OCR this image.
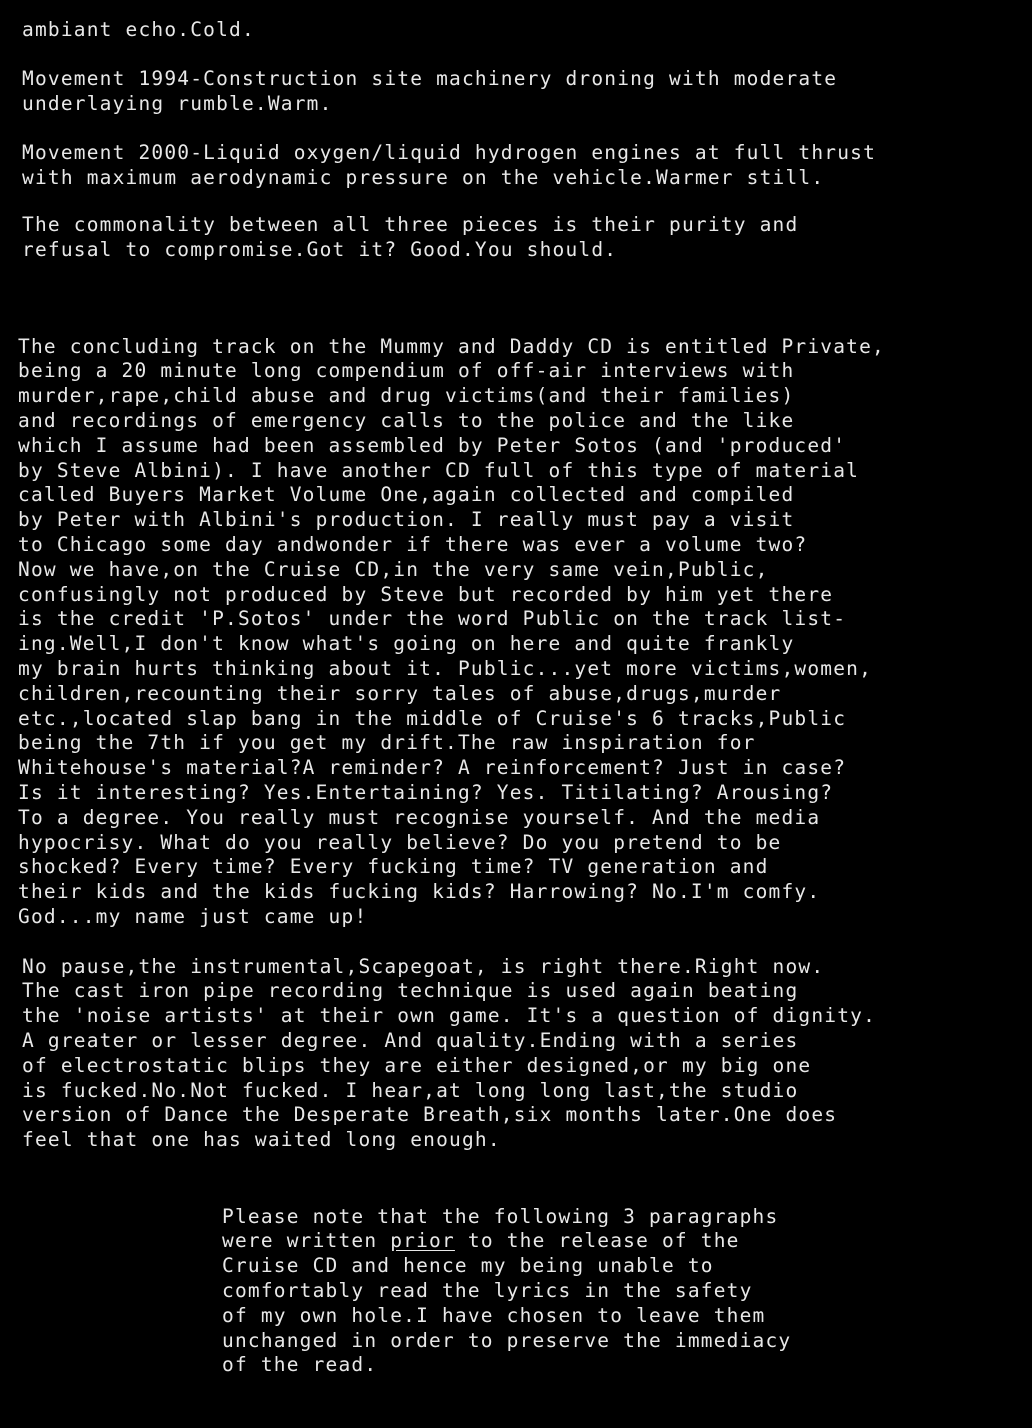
ambiant echo.Cold.

Movement 1994-Construction site machinery droning with moderate
underlaying rumble.Warm.

Movement 2000-Liquid oxygen/liquid hydrogen engines at full thrust
with maximum aerodynamic pressure on the vehicle.Warmer still.

The commonality between all three pieces is their purity and
refusal to compromise.Got it? Good.You should.

The concluding track on the Mummy and Daddy CD is entitled Private,
being a 20 minute long compendium of off-air interviews with
murder,rape,child abuse and drug victims(and their families)
and recordings of emergency calls to the police and the like
which I assume had been assembled by Peter Sotos (and 'produced'
by Steve Albini). I have another CD full of this type of material
called Buyers Market Volume One,again collected and compiled
by Peter with Albini's production. I really must pay a visit
to Chicago some day andwonder if there was ever a volume two?
Now we have,on the Cruise CD,in the very same vein,Public,
confusingly not produced by Steve but recorded by him yet there
is the credit 'P.Sotos' under the word Public on the track list-
ing.Well,I don't know what's going on here and quite frankly
my brain hurts thinking about it. Public...yet more victims,women,
children,recounting their sorry tales of abuse,drugs,murder
etc.,located slap bang in the middle of Cruise's 6 tracks,Public
being the 7th if you get my drift.The raw inspiration for
Whitehouse's material?A reminder? A reinforcement? Just in case?
Is it interesting? Yes.Entertaining? Yes. Titilating? Arousing?
To a degree. You really must recognise yourself. And the media
hypocrisy. What do you really believe? Do you pretend to be
shocked? Every time? Every fucking time? TV generation and
their kids and the kids fucking kids? Harrowing? No.I'm comfy.
God...my name just came up!

No pause,the instrumental,Scapegoat, is right there.Right now.
The cast iron pipe recording technique is used again beating
the 'noise artists' at their own game. It's a question of dignity.
A greater or lesser degree. And quality.Ending with a series
of electrostatic blips they are either designed,or my big one
is fucked.No.Not fucked. I hear,at long long last,the studio
version of Dance the Desperate Breath,six months later.One does
feel that one has waited long enough.

Please note that the following 3 paragraphs
were written prior to the release of the
Cruise CD and hence my being unable to
comfortably read the lyrics in the safety
of my own hole.I have chosen to leave them
unchanged in order to preserve the immediacy
of the read.
